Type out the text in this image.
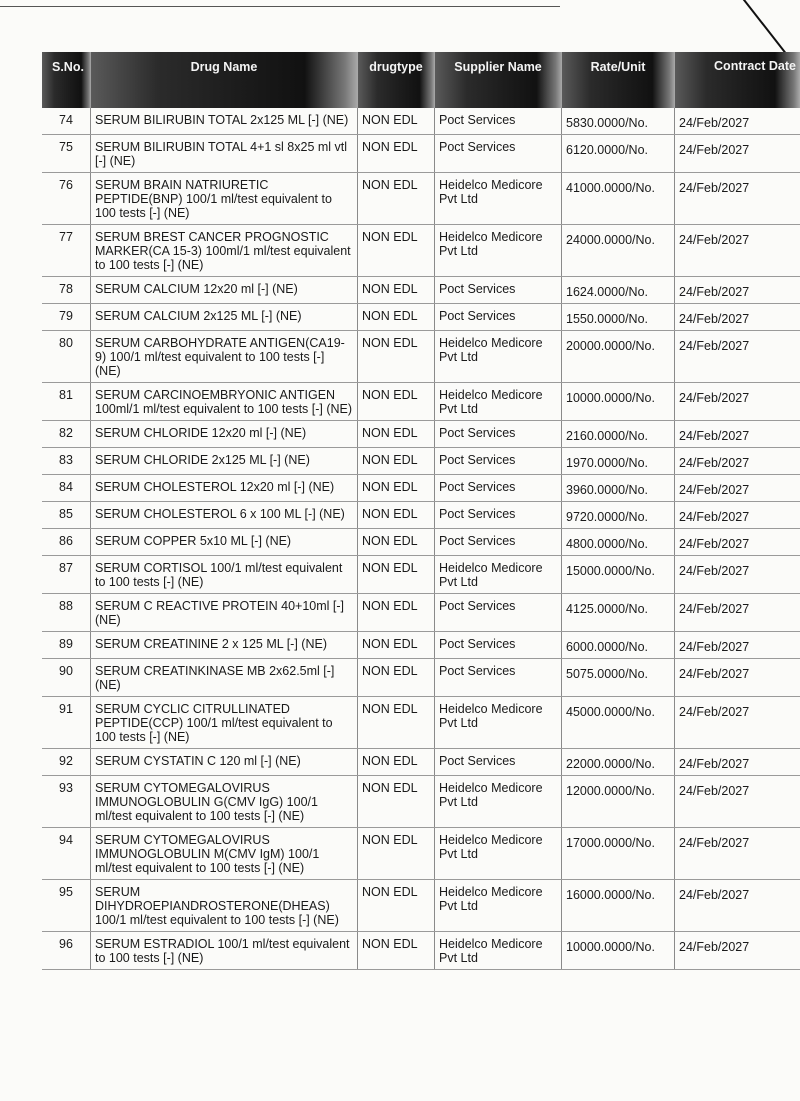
S.No.	Drug Name	drugtype	Supplier Name	Rate/Unit	Contract Date
74	SERUM BILIRUBIN TOTAL 2x125 ML [-] (NE)	NON EDL	Poct Services	5830.0000/No.	24/Feb/2027
75	SERUM BILIRUBIN TOTAL 4+1 sl 8x25 ml vtl [-] (NE)	NON EDL	Poct Services	6120.0000/No.	24/Feb/2027
76	SERUM BRAIN NATRIURETIC PEPTIDE(BNP) 100/1 ml/test equivalent to 100 tests [-] (NE)	NON EDL	Heidelco Medicore Pvt Ltd	41000.0000/No.	24/Feb/2027
77	SERUM BREST CANCER PROGNOSTIC MARKER(CA 15-3) 100ml/1 ml/test equivalent to 100 tests [-] (NE)	NON EDL	Heidelco Medicore Pvt Ltd	24000.0000/No.	24/Feb/2027
78	SERUM CALCIUM 12x20 ml [-] (NE)	NON EDL	Poct Services	1624.0000/No.	24/Feb/2027
79	SERUM CALCIUM 2x125 ML [-] (NE)	NON EDL	Poct Services	1550.0000/No.	24/Feb/2027
80	SERUM CARBOHYDRATE ANTIGEN(CA19-9) 100/1 ml/test equivalent to 100 tests [-] (NE)	NON EDL	Heidelco Medicore Pvt Ltd	20000.0000/No.	24/Feb/2027
81	SERUM CARCINOEMBRYONIC ANTIGEN 100ml/1 ml/test equivalent to 100 tests [-] (NE)	NON EDL	Heidelco Medicore Pvt Ltd	10000.0000/No.	24/Feb/2027
82	SERUM CHLORIDE 12x20 ml [-] (NE)	NON EDL	Poct Services	2160.0000/No.	24/Feb/2027
83	SERUM CHLORIDE 2x125 ML [-] (NE)	NON EDL	Poct Services	1970.0000/No.	24/Feb/2027
84	SERUM CHOLESTEROL 12x20 ml [-] (NE)	NON EDL	Poct Services	3960.0000/No.	24/Feb/2027
85	SERUM CHOLESTEROL 6 x 100 ML [-] (NE)	NON EDL	Poct Services	9720.0000/No.	24/Feb/2027
86	SERUM COPPER 5x10 ML [-] (NE)	NON EDL	Poct Services	4800.0000/No.	24/Feb/2027
87	SERUM CORTISOL 100/1 ml/test equivalent to 100 tests [-] (NE)	NON EDL	Heidelco Medicore Pvt Ltd	15000.0000/No.	24/Feb/2027
88	SERUM C REACTIVE PROTEIN 40+10ml [-] (NE)	NON EDL	Poct Services	4125.0000/No.	24/Feb/2027
89	SERUM CREATININE 2 x 125 ML [-] (NE)	NON EDL	Poct Services	6000.0000/No.	24/Feb/2027
90	SERUM CREATINKINASE MB 2x62.5ml [-] (NE)	NON EDL	Poct Services	5075.0000/No.	24/Feb/2027
91	SERUM CYCLIC CITRULLINATED PEPTIDE(CCP) 100/1 ml/test equivalent to 100 tests [-] (NE)	NON EDL	Heidelco Medicore Pvt Ltd	45000.0000/No.	24/Feb/2027
92	SERUM CYSTATIN C 120 ml [-] (NE)	NON EDL	Poct Services	22000.0000/No.	24/Feb/2027
93	SERUM CYTOMEGALOVIRUS IMMUNOGLOBULIN G(CMV IgG) 100/1 ml/test equivalent to 100 tests [-] (NE)	NON EDL	Heidelco Medicore Pvt Ltd	12000.0000/No.	24/Feb/2027
94	SERUM CYTOMEGALOVIRUS IMMUNOGLOBULIN M(CMV IgM) 100/1 ml/test equivalent to 100 tests [-] (NE)	NON EDL	Heidelco Medicore Pvt Ltd	17000.0000/No.	24/Feb/2027
95	SERUM DIHYDROEPIANDROSTERONE(DHEAS) 100/1 ml/test equivalent to 100 tests [-] (NE)	NON EDL	Heidelco Medicore Pvt Ltd	16000.0000/No.	24/Feb/2027
96	SERUM ESTRADIOL 100/1 ml/test equivalent to 100 tests [-] (NE)	NON EDL	Heidelco Medicore Pvt Ltd	10000.0000/No.	24/Feb/2027
